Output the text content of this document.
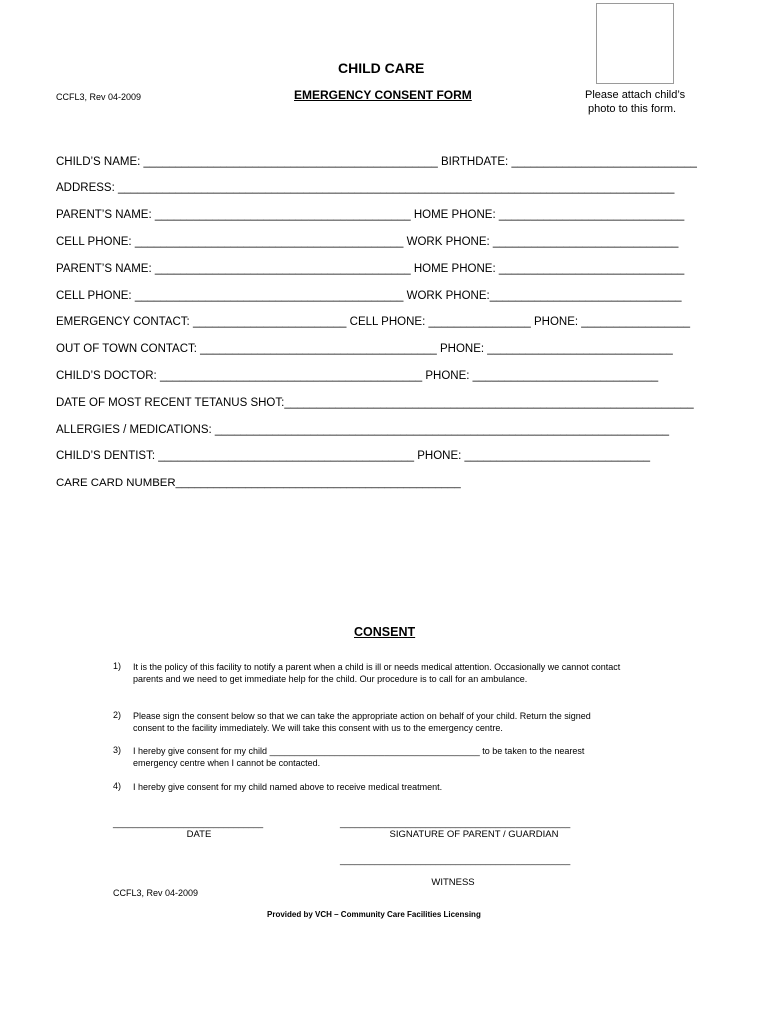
CHILD CARE
EMERGENCY CONSENT FORM
CCFL3, Rev 04-2009	Please attach child’s
photo to this form.
CHILD’S NAME: ______________________________________________ BIRTHDATE: _____________________________
ADDRESS: _______________________________________________________________________________________
PARENT’S NAME: ________________________________________ HOME PHONE: _____________________________
CELL PHONE: __________________________________________ WORK PHONE: _____________________________
PARENT’S NAME: ________________________________________ HOME PHONE: _____________________________
CELL PHONE: __________________________________________ WORK PHONE:______________________________
EMERGENCY CONTACT: ________________________ CELL PHONE: ________________ PHONE: _________________
OUT OF TOWN CONTACT: _____________________________________ PHONE: _____________________________
CHILD’S DOCTOR: _________________________________________ PHONE: _____________________________
DATE OF MOST RECENT TETANUS SHOT:________________________________________________________________
ALLERGIES / MEDICATIONS: _______________________________________________________________________
CHILD’S DENTIST: ________________________________________ PHONE: _____________________________
CARE CARD NUMBER_____________________________________________
CONSENT
1) It is the policy of this facility to notify a parent when a child is ill or needs medical attention. Occasionally we cannot contact parents and we need to get immediate help for the child. Our procedure is to call for an ambulance.
2) Please sign the consent below so that we can take the appropriate action on behalf of your child. Return the signed consent to the facility immediately. We will take this consent with us to the emergency centre.
3) I hereby give consent for my child __________________________________________ to be taken to the nearest emergency centre when I cannot be contacted.
4) I hereby give consent for my child named above to receive medical treatment.
______________________________
DATE
______________________________________________
SIGNATURE OF PARENT / GUARDIAN
______________________________________________
WITNESS
CCFL3, Rev 04-2009
Provided by VCH – Community Care Facilities Licensing
